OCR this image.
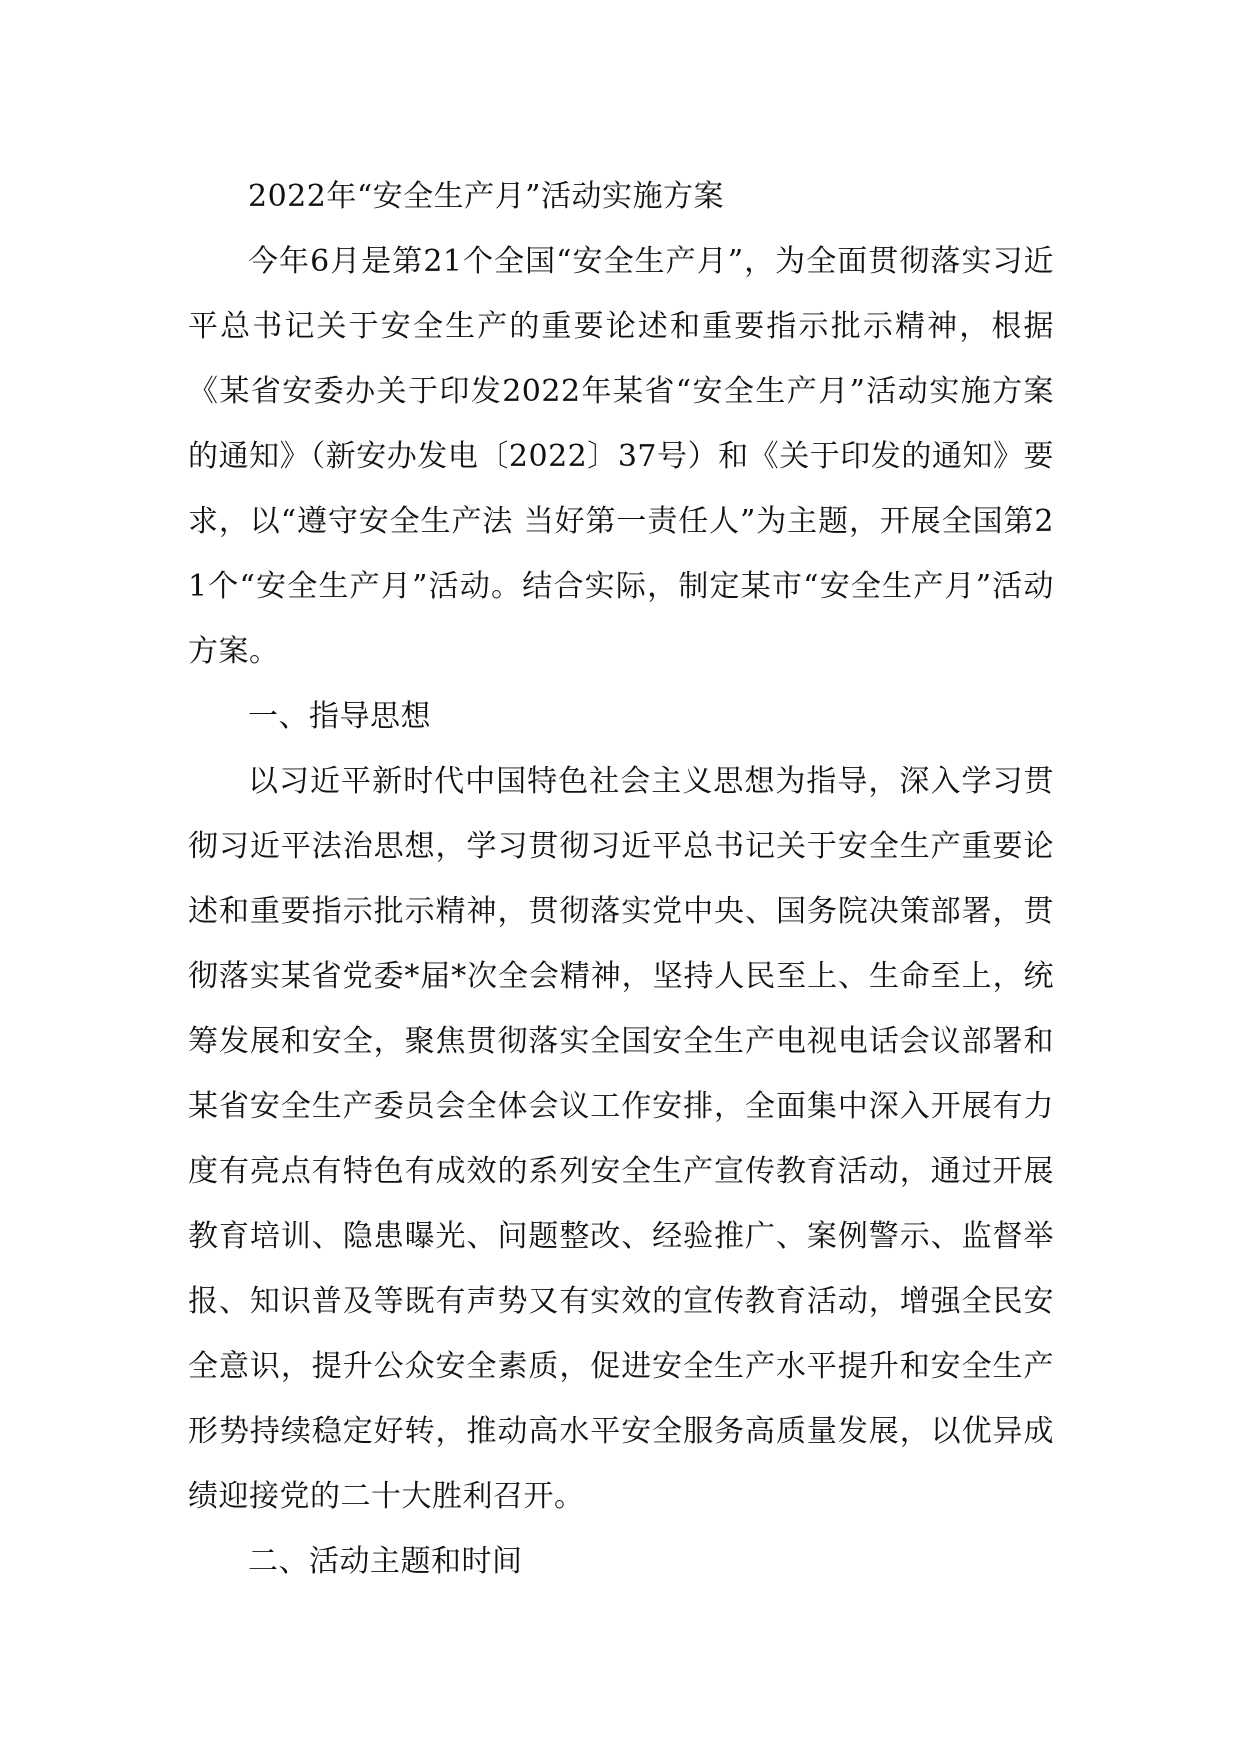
2022年“安全生产月”活动实施方案

今年6月是第21个全国“安全生产月”，为全面贯彻落实习近平总书记关于安全生产的重要论述和重要指示批示精神，根据《某省安委办关于印发2022年某省“安全生产月”活动实施方案的通知》（新安办发电〔2022〕37号）和《关于印发的通知》要求，以“遵守安全生产法 当好第一责任人”为主题，开展全国第21个“安全生产月”活动。结合实际，制定某市“安全生产月”活动方案。

一、指导思想

以习近平新时代中国特色社会主义思想为指导，深入学习贯彻习近平法治思想，学习贯彻习近平总书记关于安全生产重要论述和重要指示批示精神，贯彻落实党中央、国务院决策部署，贯彻落实某省党委*届*次全会精神，坚持人民至上、生命至上，统筹发展和安全，聚焦贯彻落实全国安全生产电视电话会议部署和某省安全生产委员会全体会议工作安排，全面集中深入开展有力度有亮点有特色有成效的系列安全生产宣传教育活动，通过开展教育培训、隐患曝光、问题整改、经验推广、案例警示、监督举报、知识普及等既有声势又有实效的宣传教育活动，增强全民安全意识，提升公众安全素质，促进安全生产水平提升和安全生产形势持续稳定好转，推动高水平安全服务高质量发展，以优异成绩迎接党的二十大胜利召开。

二、活动主题和时间
